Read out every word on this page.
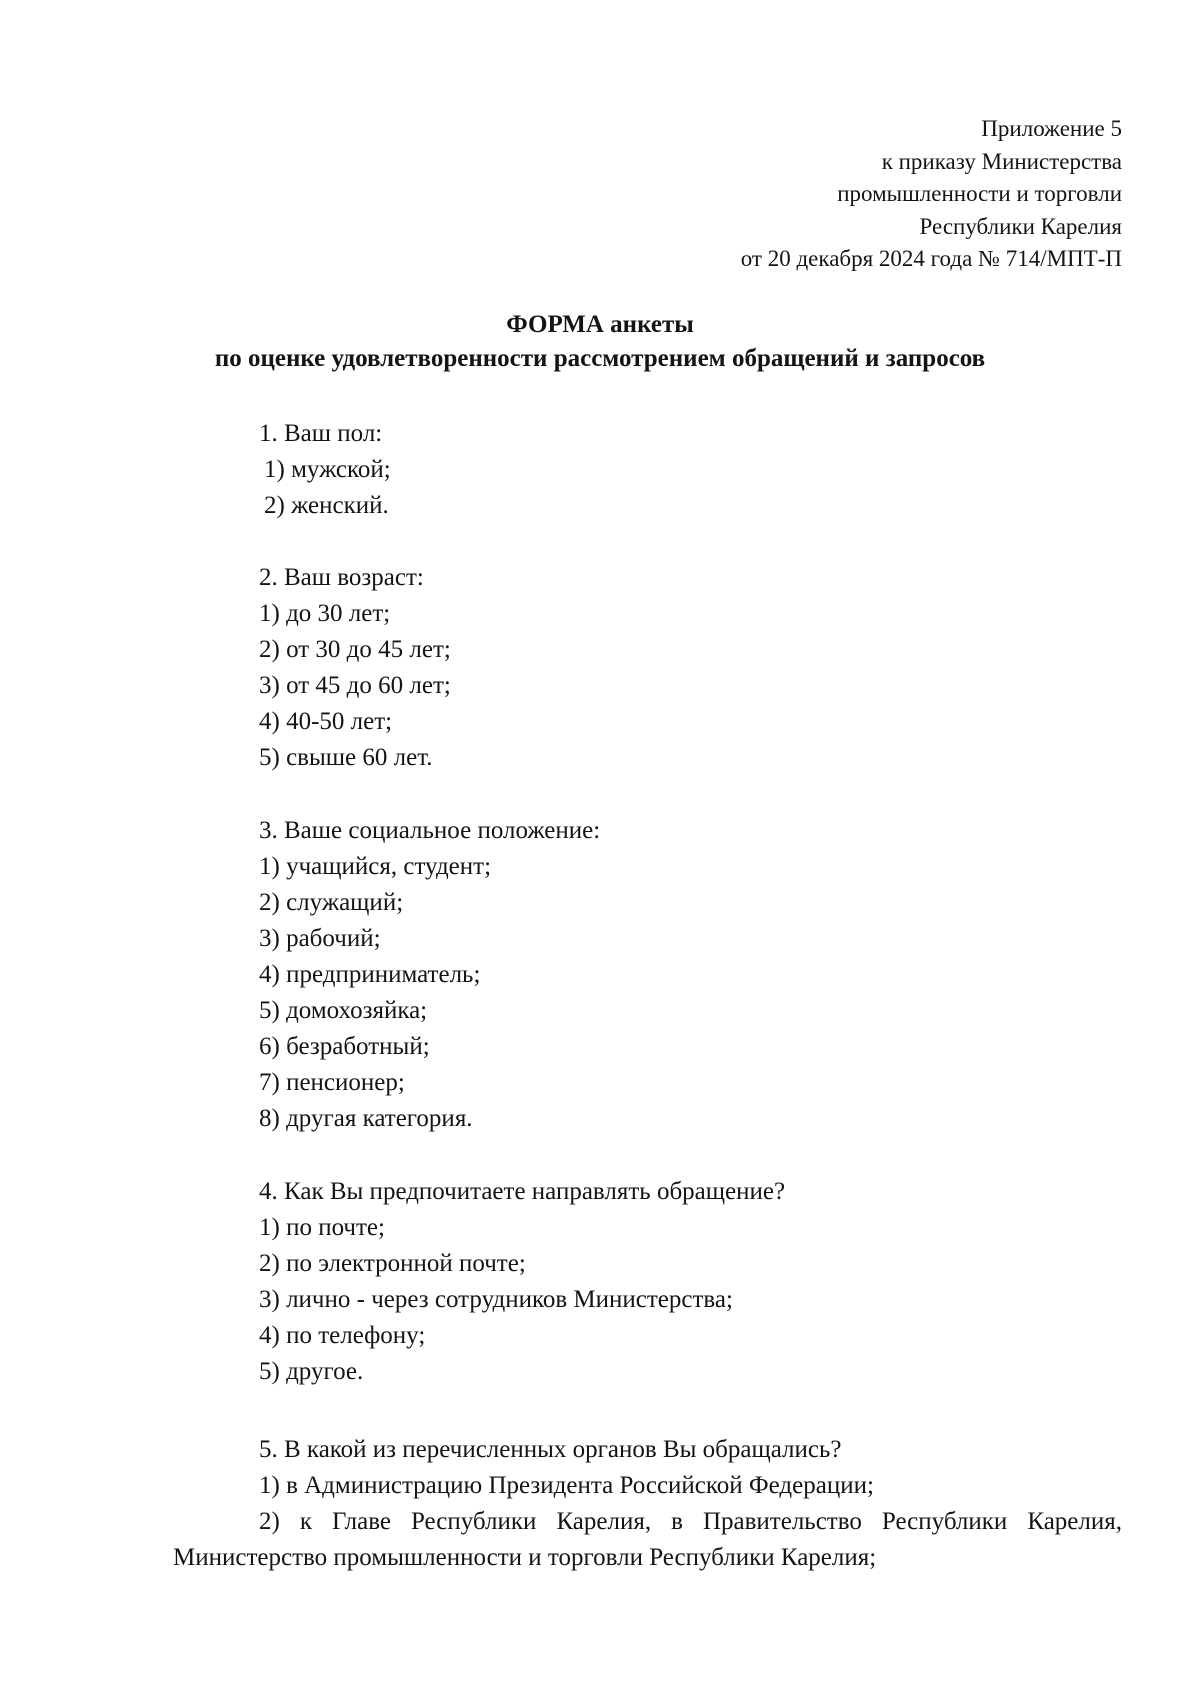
Приложение 5
к приказу Министерства
промышленности и торговли
Республики Карелия
от 20 декабря 2024 года № 714/МПТ-П
ФОРМА анкеты
по оценке удовлетворенности рассмотрением обращений и запросов
1. Ваш пол:
1) мужской;
2) женский.
2. Ваш возраст:
1) до 30 лет;
2) от 30 до 45 лет;
3) от 45 до 60 лет;
4) 40-50 лет;
5) свыше 60 лет.
3. Ваше социальное положение:
1) учащийся, студент;
2) служащий;
3) рабочий;
4) предприниматель;
5) домохозяйка;
6) безработный;
7) пенсионер;
8) другая категория.
4. Как Вы предпочитаете направлять обращение?
1) по почте;
2) по электронной почте;
3) лично - через сотрудников Министерства;
4) по телефону;
5) другое.
5. В какой из перечисленных органов Вы обращались?
1) в Администрацию Президента Российской Федерации;
2) к Главе Республики Карелия, в Правительство Республики Карелия,
Министерство промышленности и торговли Республики Карелия;
